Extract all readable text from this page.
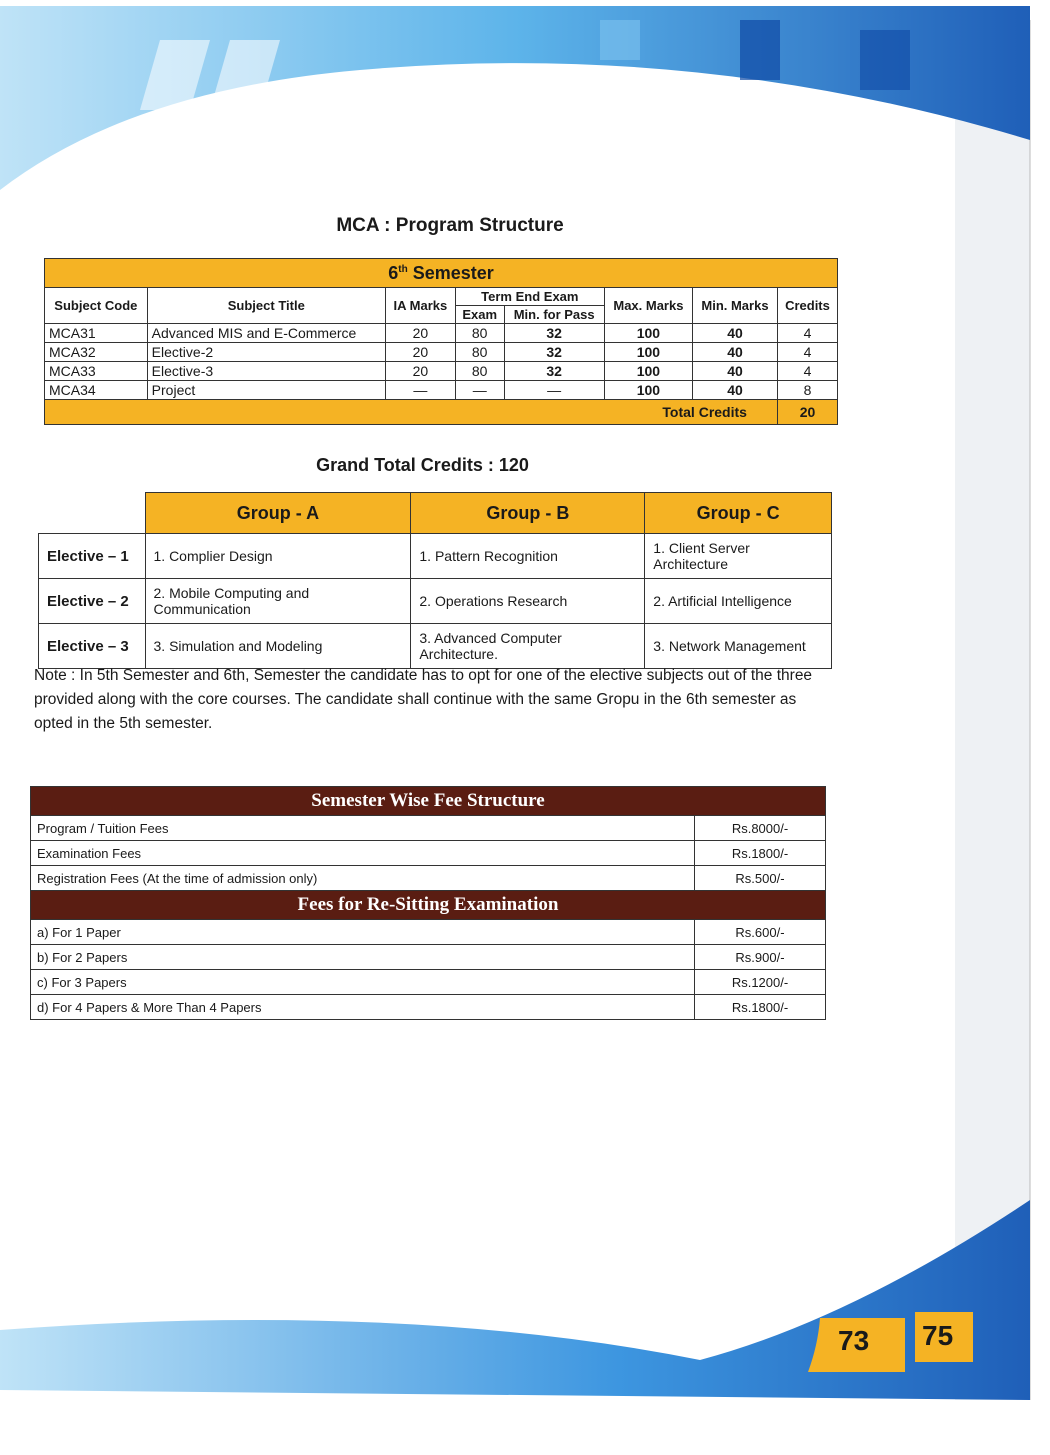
MCA : Program Structure
6th Semester							
Subject Code	Subject Title	IA Marks	Term End Exam		Max. Marks	Min. Marks	Credits
			Exam	Min. for Pass			
MCA31	Advanced MIS and E-Commerce	20	80	32	100	40	4
MCA32	Elective-2	20	80	32	100	40	4
MCA33	Elective-3	20	80	32	100	40	4
MCA34	Project	—	—	—	100	40	8
Total Credits							20
Grand Total Credits : 120
	Group - A	Group - B	Group - C
Elective – 1	1. Complier Design	1. Pattern Recognition	1. Client Server Architecture
Elective – 2	2. Mobile Computing and Communication	2. Operations Research	2. Artificial Intelligence
Elective – 3	3. Simulation and Modeling	3. Advanced Computer Architecture.	3. Network Management
Note : In 5th Semester and 6th, Semester the candidate has to opt for one of the elective subjects out of the three provided along with the core courses. The candidate shall continue with the same Gropu in the 6th semester as opted in the 5th semester.
Semester Wise Fee Structure	
Program / Tuition Fees	Rs.8000/-
Examination Fees	Rs.1800/-
Registration Fees (At the time of admission only)	Rs.500/-
Fees for Re-Sitting Examination	
a) For 1 Paper	Rs.600/-
b) For 2 Papers	Rs.900/-
c) For 3 Papers	Rs.1200/-
d) For 4 Papers & More Than 4 Papers	Rs.1800/-
73 75
